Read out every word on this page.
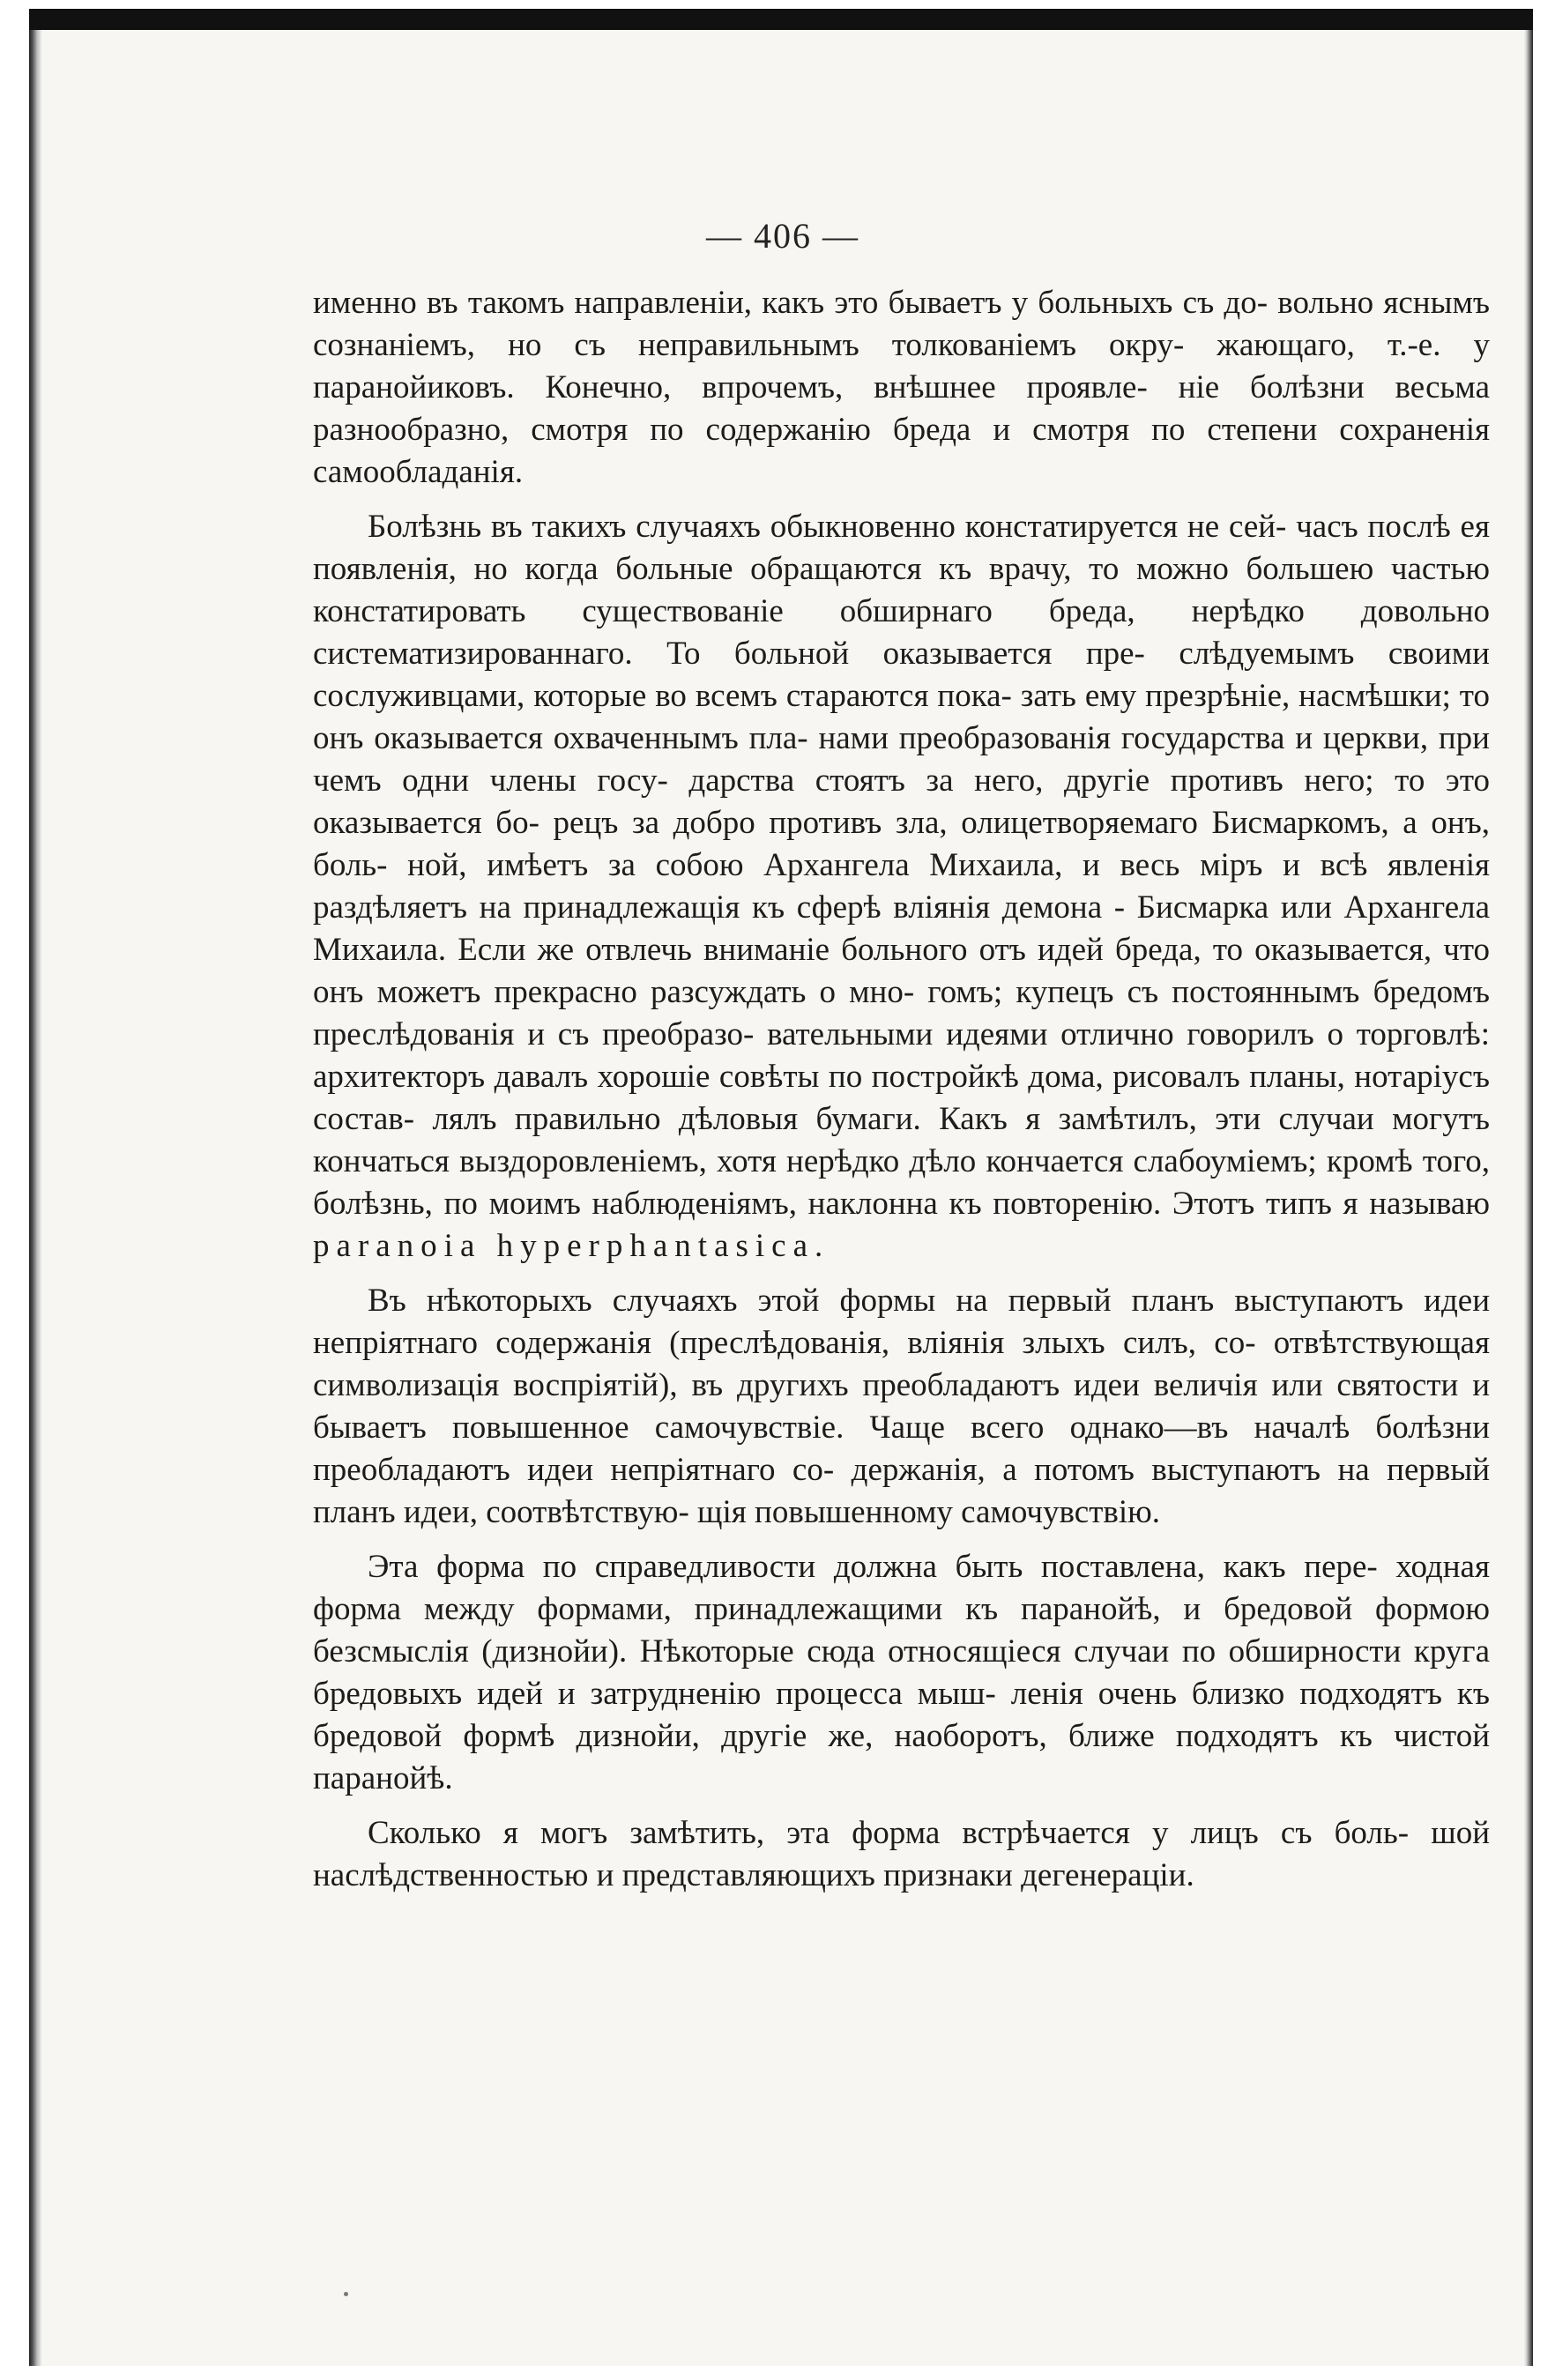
— 406 —

именно въ такомъ направленіи, какъ это бываетъ у больныхъ съ до- вольно яснымъ сознаніемъ, но съ неправильнымъ толкованіемъ окру- жающаго, т.-е. у паранойиковъ. Конечно, впрочемъ, внѣшнее проявле- ніе болѣзни весьма разнообразно, смотря по содержанію бреда и смотря по степени сохраненія самообладанія.

Болѣзнь въ такихъ случаяхъ обыкновенно констатируется не сей- часъ послѣ ея появленія, но когда больные обращаются къ врачу, то можно большею частью констатировать существованіе обширнаго бреда, нерѣдко довольно систематизированнаго. То больной оказывается пре- слѣдуемымъ своими сослуживцами, которые во всемъ стараются пока- зать ему презрѣніе, насмѣшки; то онъ оказывается охваченнымъ пла- нами преобразованія государства и церкви, при чемъ одни члены госу- дарства стоятъ за него, другіе противъ него; то это оказывается бо- рецъ за добро противъ зла, олицетворяемаго Бисмаркомъ, а онъ, боль- ной, имѣетъ за собою Архангела Михаила, и весь міръ и всѣ явленія раздѣляетъ на принадлежащія къ сферѣ вліянія демона - Бисмарка или Архангела Михаила. Если же отвлечь вниманіе больного отъ идей бреда, то оказывается, что онъ можетъ прекрасно разсуждать о мно- гомъ; купецъ съ постояннымъ бредомъ преслѣдованія и съ преобразо- вательными идеями отлично говорилъ о торговлѣ: архитекторъ давалъ хорошіе совѣты по постройкѣ дома, рисовалъ планы, нотаріусъ состав- лялъ правильно дѣловыя бумаги. Какъ я замѣтилъ, эти случаи могутъ кончаться выздоровленіемъ, хотя нерѣдко дѣло кончается слабоуміемъ; кромѣ того, болѣзнь, по моимъ наблюденіямъ, наклонна къ повторенію. Этотъ типъ я называю paranoia hyperphantasica.

Въ нѣкоторыхъ случаяхъ этой формы на первый планъ выступаютъ идеи непріятнаго содержанія (преслѣдованія, вліянія злыхъ силъ, со- отвѣтствующая символизація воспріятій), въ другихъ преобладаютъ идеи величія или святости и бываетъ повышенное самочувствіе. Чаще всего однако—въ началѣ болѣзни преобладаютъ идеи непріятнаго со- держанія, а потомъ выступаютъ на первый планъ идеи, соотвѣтствую- щія повышенному самочувствію.

Эта форма по справедливости должна быть поставлена, какъ пере- ходная форма между формами, принадлежащими къ паранойѣ, и бредовой формою безсмыслія (дизнойи). Нѣкоторые сюда относящіеся случаи по обширности круга бредовыхъ идей и затрудненію процесса мыш- ленія очень близко подходятъ къ бредовой формѣ дизнойи, другіе же, наоборотъ, ближе подходятъ къ чистой паранойѣ.

Сколько я могъ замѣтить, эта форма встрѣчается у лицъ съ боль- шой наслѣдственностью и представляющихъ признаки дегенераціи.
